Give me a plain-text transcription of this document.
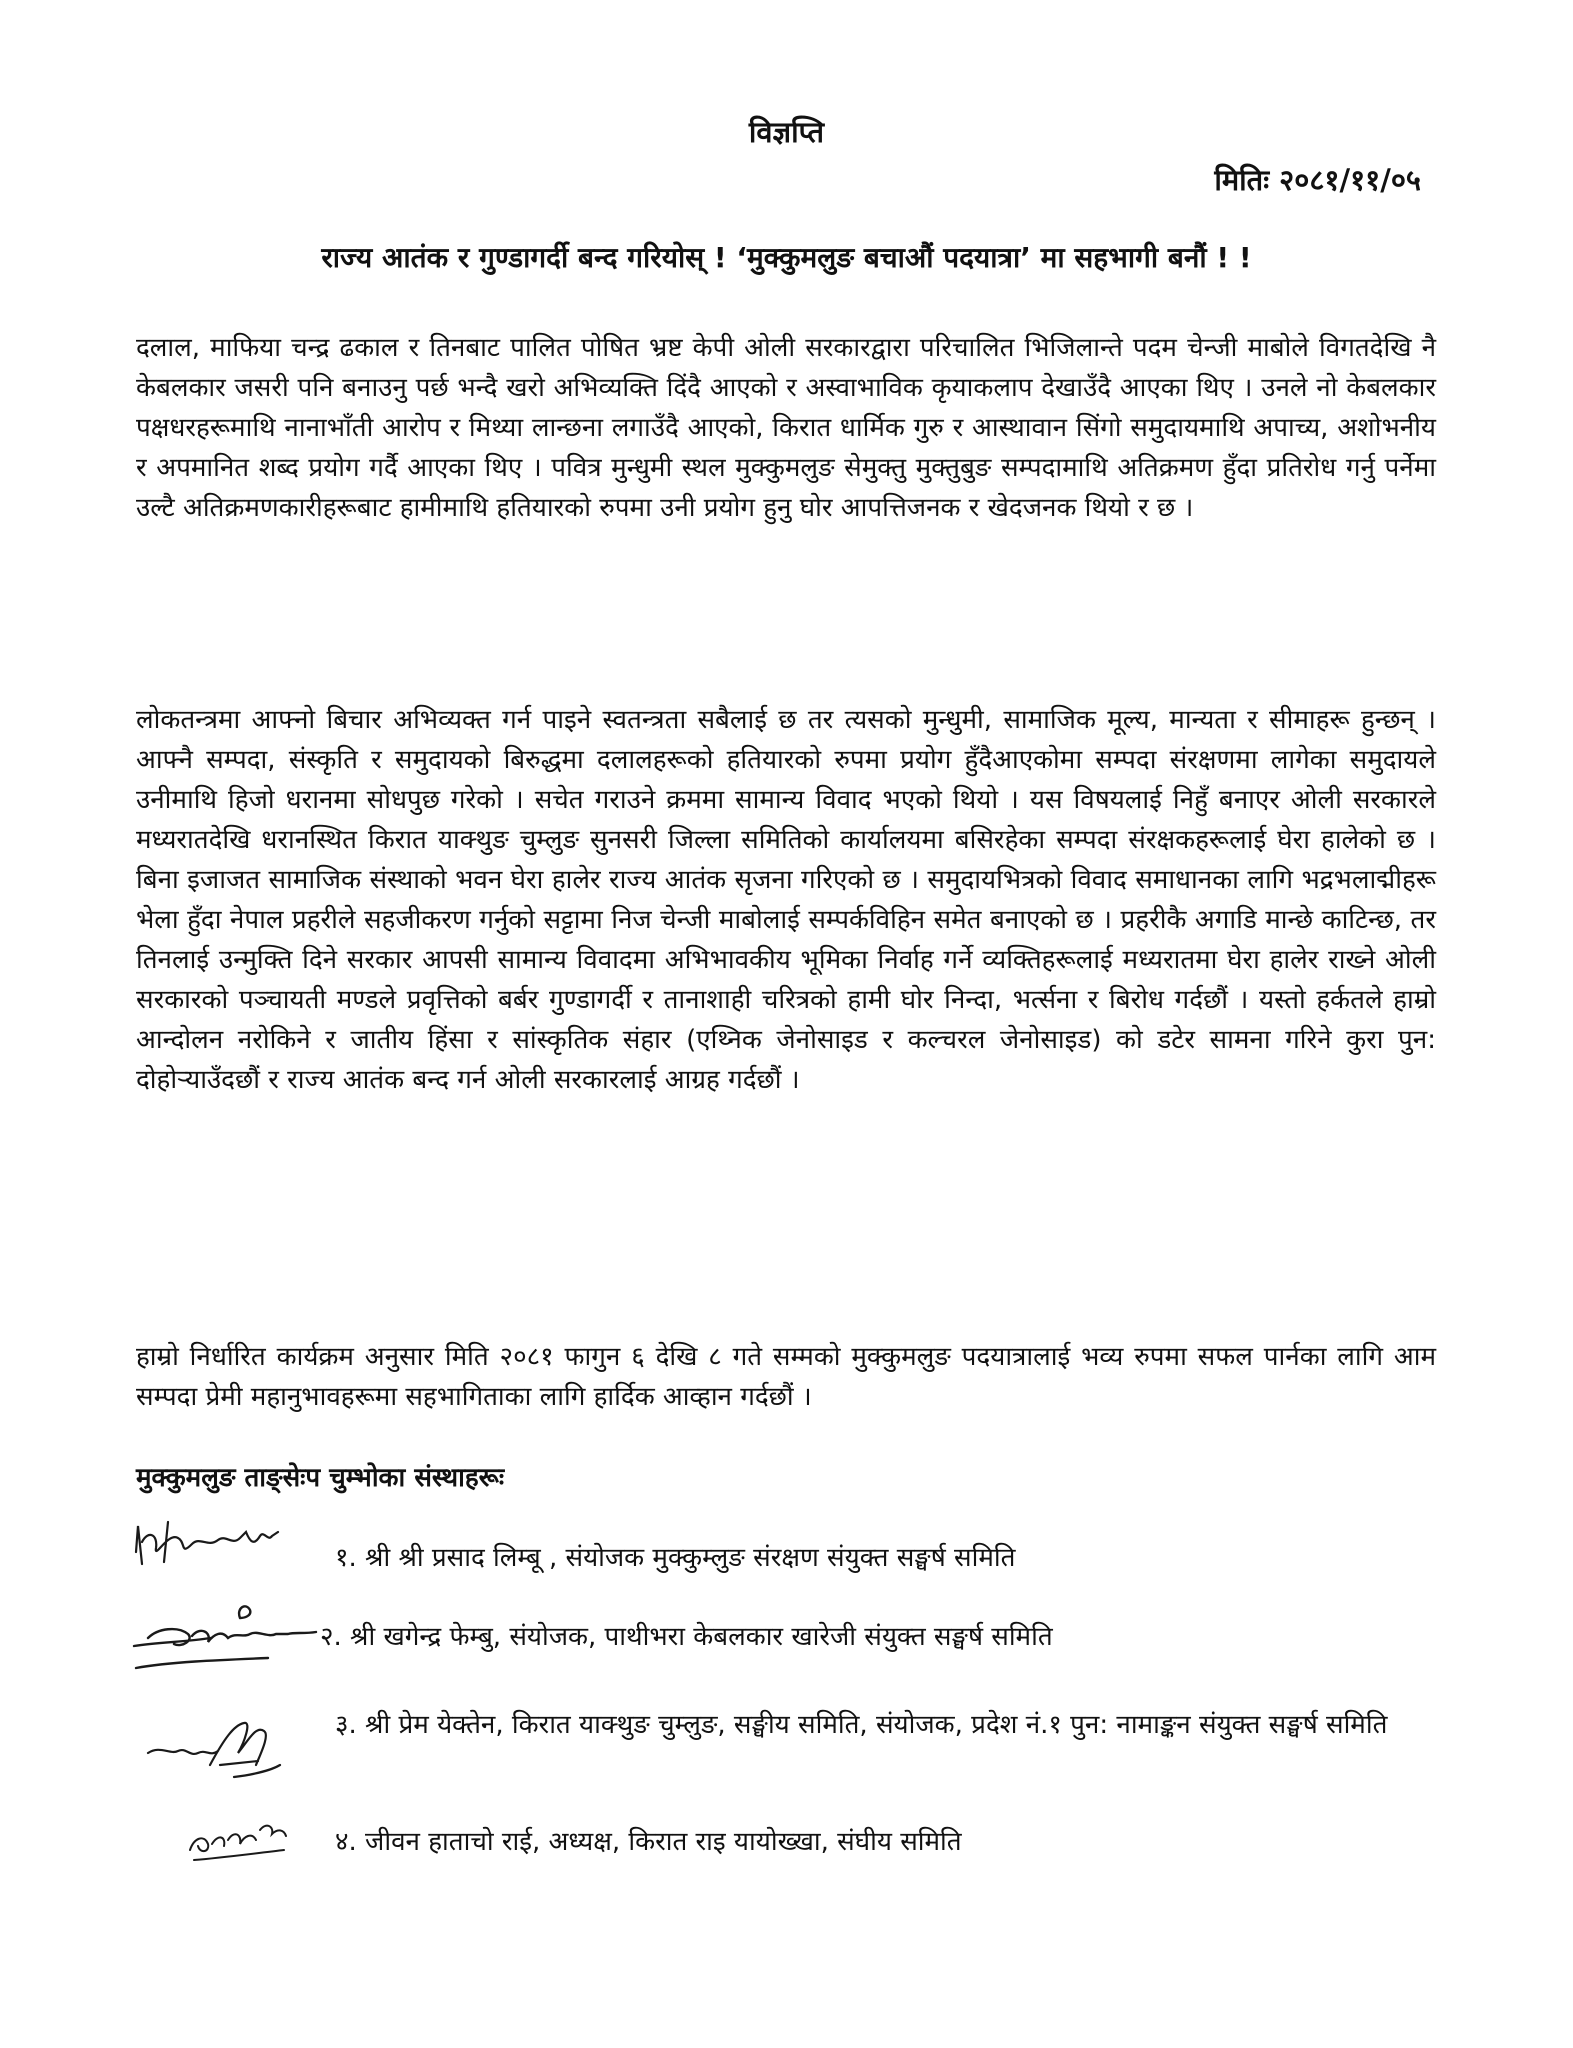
विज्ञप्ति
मितिः २०८१/११/०५
राज्य आतंक र गुण्डागर्दी बन्द गरियोस् ! ‘मुक्कुमलुङ बचाऔं पदयात्रा’ मा सहभागी बनौं ! !

दलाल, माफिया चन्द्र ढकाल र तिनबाट पालित पोषित भ्रष्ट केपी ओली सरकारद्वारा परिचालित भिजिलान्ते पदम चेन्जी माबोले विगतदेखि नै केबलकार जसरी पनि बनाउनु पर्छ भन्दै खरो अभिव्यक्ति दिंदै आएको र अस्वाभाविक कृयाकलाप देखाउँदै आएका थिए । उनले नो केबलकार पक्षधरहरूमाथि नानाभाँती आरोप र मिथ्या लान्छना लगाउँदै आएको, किरात धार्मिक गुरु र आस्थावान सिंगो समुदायमाथि अपाच्य, अशोभनीय र अपमानित शब्द प्रयोग गर्दै आएका थिए । पवित्र मुन्धुमी स्थल मुक्कुमलुङ सेमुक्तु मुक्तुबुङ सम्पदामाथि अतिक्रमण हुँदा प्रतिरोध गर्नु पर्नेमा उल्टै अतिक्रमणकारीहरूबाट हामीमाथि हतियारको रुपमा उनी प्रयोग हुनु घोर आपत्तिजनक र खेदजनक थियो र छ ।

लोकतन्त्रमा आफ्नो बिचार अभिव्यक्त गर्न पाइने स्वतन्त्रता सबैलाई छ तर त्यसको मुन्धुमी, सामाजिक मूल्य, मान्यता र सीमाहरू हुन्छन् । आफ्नै सम्पदा, संस्कृति र समुदायको बिरुद्धमा दलालहरूको हतियारको रुपमा प्रयोग हुँदैआएकोमा सम्पदा संरक्षणमा लागेका समुदायले उनीमाथि हिजो धरानमा सोधपुछ गरेको । सचेत गराउने क्रममा सामान्य विवाद भएको थियो । यस विषयलाई निहुँ बनाएर ओली सरकारले मध्यरातदेखि धरानस्थित किरात याक्थुङ चुम्लुङ सुनसरी जिल्ला समितिको कार्यालयमा बसिरहेका सम्पदा संरक्षकहरूलाई घेरा हालेको छ । बिना इजाजत सामाजिक संस्थाको भवन घेरा हालेर राज्य आतंक सृजना गरिएको छ । समुदायभित्रको विवाद समाधानका लागि भद्रभलाद्मीहरू भेला हुँदा नेपाल प्रहरीले सहजीकरण गर्नुको सट्टामा निज चेन्जी माबोलाई सम्पर्कविहिन समेत बनाएको छ । प्रहरीकै अगाडि मान्छे काटिन्छ, तर तिनलाई उन्मुक्ति दिने सरकार आपसी सामान्य विवादमा अभिभावकीय भूमिका निर्वाह गर्ने व्यक्तिहरूलाई मध्यरातमा घेरा हालेर राख्ने ओली सरकारको पञ्चायती मण्डले प्रवृत्तिको बर्बर गुण्डागर्दी र तानाशाही चरित्रको हामी घोर निन्दा, भर्त्सना र बिरोध गर्दछौं । यस्तो हर्कतले हाम्रो आन्दोलन नरोकिने र जातीय हिंसा र सांस्कृतिक संहार (एथ्निक जेनोसाइड र कल्चरल जेनोसाइड) को डटेर सामना गरिने कुरा पुन: दोहोऱ्याउँदछौं र राज्य आतंक बन्द गर्न ओली सरकारलाई आग्रह गर्दछौं ।

हाम्रो निर्धारित कार्यक्रम अनुसार मिति २०८१ फागुन ६ देखि ८ गते सम्मको मुक्कुमलुङ पदयात्रालाई भव्य रुपमा सफल पार्नका लागि आम सम्पदा प्रेमी महानुभावहरूमा सहभागिताका लागि हार्दिक आव्हान गर्दछौं ।

मुक्कुमलुङ ताङ्सेःप चुम्भोका संस्थाहरूः
१. श्री श्री प्रसाद लिम्बू , संयोजक मुक्कुम्लुङ संरक्षण संयुक्त सङ्घर्ष समिति
२. श्री खगेन्द्र फेम्बु, संयोजक, पाथीभरा केबलकार खारेजी संयुक्त सङ्घर्ष समिति
३. श्री प्रेम येक्तेन, किरात याक्थुङ चुम्लुङ, सङ्घीय समिति, संयोजक, प्रदेश नं.१ पुन: नामाङ्कन संयुक्त सङ्घर्ष समिति
४. जीवन हाताचो राई, अध्यक्ष, किरात राइ यायोख्खा, संघीय समिति
